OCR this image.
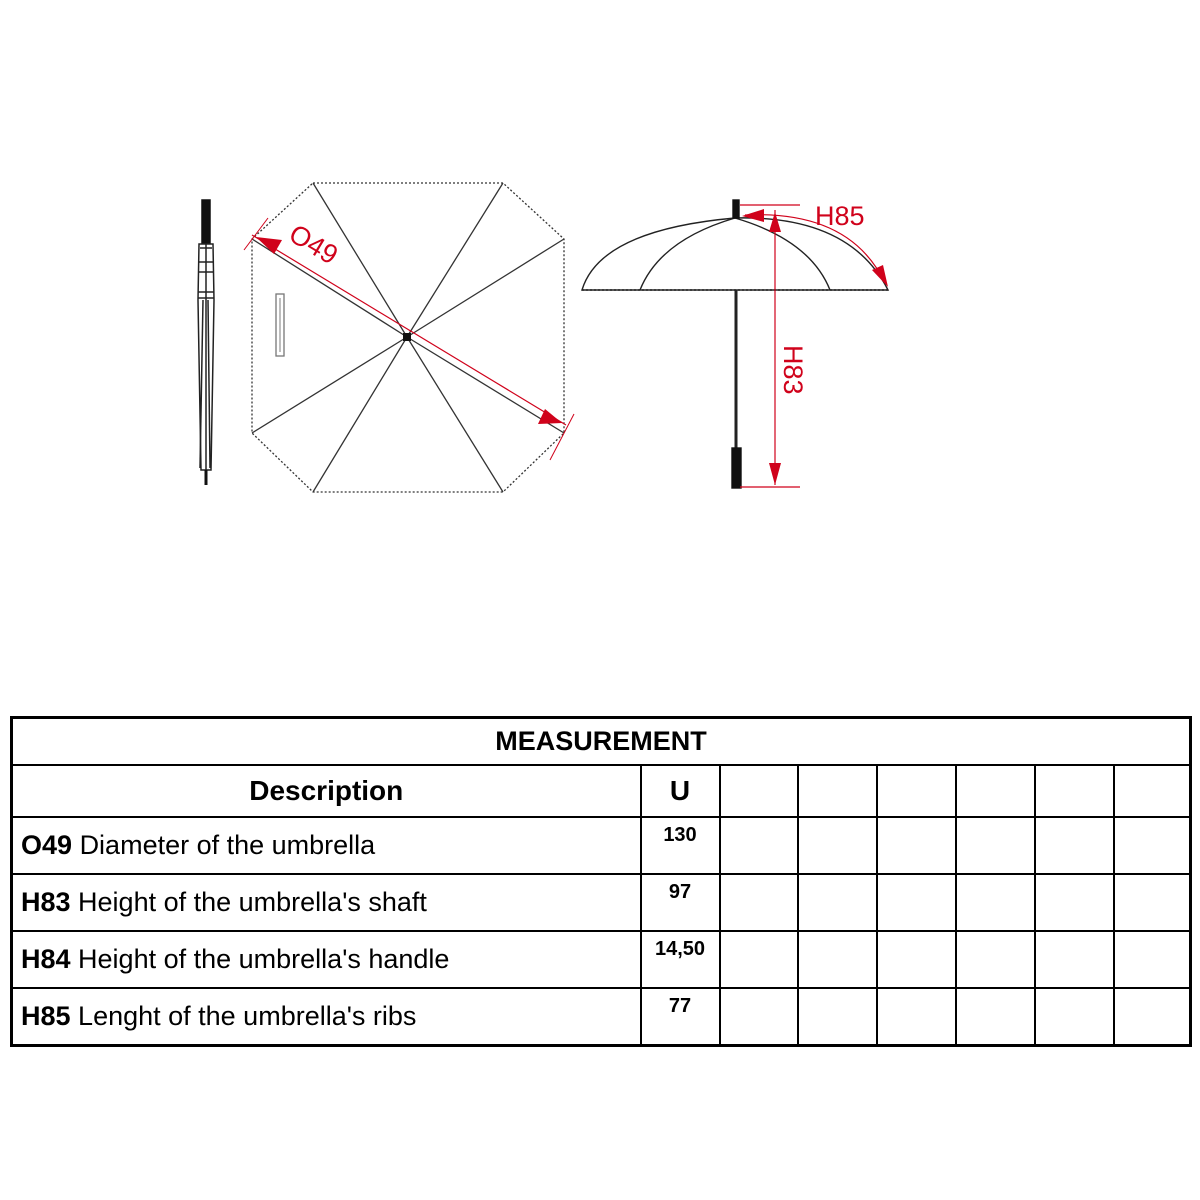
O49
H83
H85
MEASUREMENT							
Description	U						
O49 Diameter of the umbrella	130						
H83 Height of the umbrella's shaft	97						
H84 Height of the umbrella's handle	14,50						
H85 Lenght of the umbrella's ribs	77						
